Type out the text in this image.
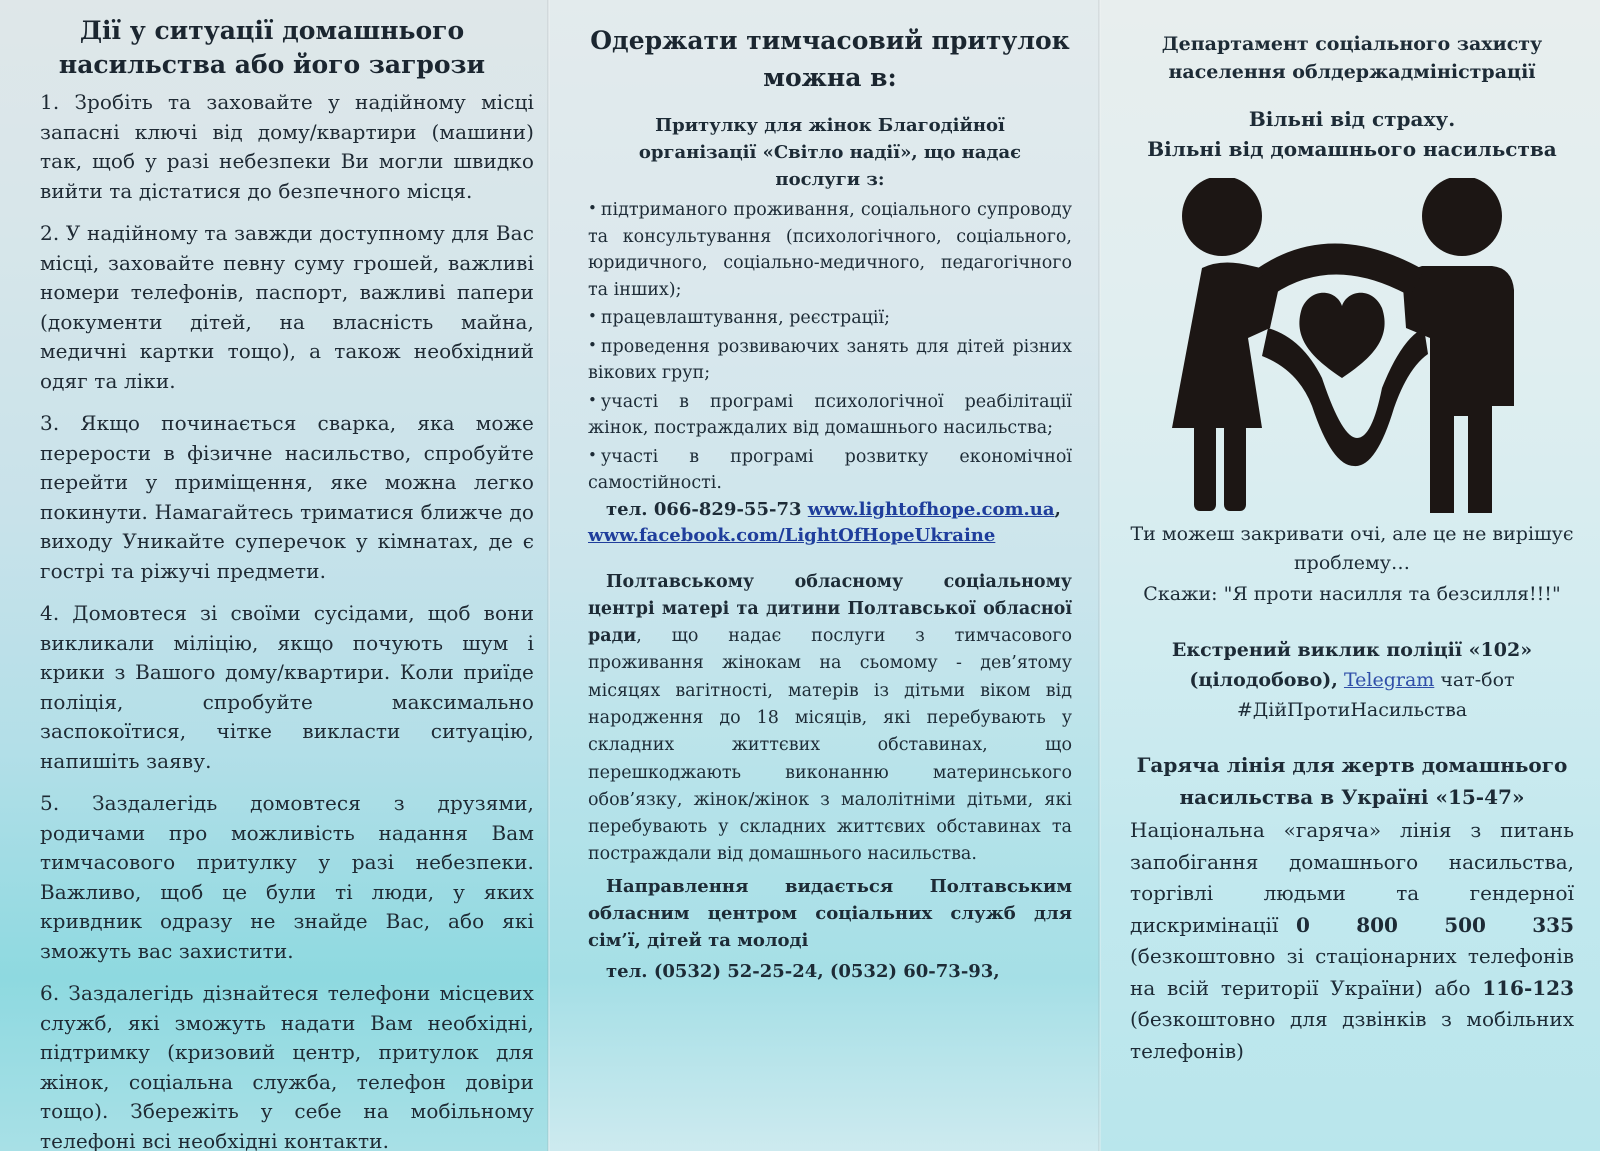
Дії у ситуації домашнього насильства або його загрози

1. Зробіть та заховайте у надійному місці запасні ключі від дому/квартири (машини) так, щоб у разі небезпеки Ви могли швидко вийти та дістатися до безпечного місця.

2. У надійному та завжди доступному для Вас місці, заховайте певну суму грошей, важливі номери телефонів, паспорт, важливі папери (документи дітей, на власність майна, медичні картки тощо), а також необхідний одяг та ліки.

3. Якщо починається сварка, яка може перерости в фізичне насильство, спробуйте перейти у приміщення, яке можна легко покинути. Намагайтесь триматися ближче до виходу Уникайте суперечок у кімнатах, де є гострі та ріжучі предмети.

4. Домовтеся зі своїми сусідами, щоб вони викликали міліцію, якщо почують шум і крики з Вашого дому/квартири. Коли приїде поліція, спробуйте максимально заспокоїтися, чітке викласти ситуацію, напишіть заяву.

5. Заздалегідь домовтеся з друзями, родичами про можливість надання Вам тимчасового притулку у разі небезпеки. Важливо, щоб це були ті люди, у яких кривдник одразу не знайде Вас, або які зможуть вас захистити.

6. Заздалегідь дізнайтеся телефони місцевих служб, які зможуть надати Вам необхідні, підтримку (кризовий центр, притулок для жінок, соціальна служба, телефон довіри тощо). Збережіть у себе на мобільному телефоні всі необхідні контакти.

Одержати тимчасовий притулок можна в:

Притулку для жінок Благодійної організації «Світло надії», що надає послуги з:

• підтриманого проживання, соціального супроводу та консультування (психологічного, соціального, юридичного, соціально-медичного, педагогічного та інших);
• працевлаштування, реєстрації;
• проведення розвиваючих занять для дітей різних вікових груп;
• участі в програмі психологічної реабілітації жінок, постраждалих від домашнього насильства;
• участі в програмі розвитку економічної самостійності.

тел. 066-829-55-73 www.lightofhope.com.ua,

www.facebook.com/LightOfHopeUkraine

Полтавському обласному соціальному центрі матері та дитини Полтавської обласної ради, що надає послуги з тимчасового проживання жінокам на сьомому - дев’ятому місяцях вагітності, матерів із дітьми віком від народження до 18 місяців, які перебувають у складних життєвих обставинах, що перешкоджають виконанню материнського обов’язку, жінок/жінок з малолітніми дітьми, які перебувають у складних життєвих обставинах та постраждали від домашнього насильства.

Направлення видається Полтавським обласним центром соціальних служб для сім’ї, дітей та молоді

тел. (0532) 52-25-24, (0532) 60-73-93,

Департамент соціального захисту населення облдержадміністрації

Вільні від страху.
Вільні від домашнього насильства

Ти можеш закривати очі, але це не вирішує проблему…

Скажи: "Я проти насилля та безсилля!!!"

Екстрений виклик поліції «102»
(цілодобово), Telegram чат-бот
#ДійПротиНасильства

Гаряча лінія для жертв домашнього насильства в Україні «15-47»

Національна «гаряча» лінія з питань запобігання домашнього насильства, торгівлі людьми та гендерної дискримінації 0 800 500 335 (безкоштовно зі стаціонарних телефонів на всій території України) або 116-123 (безкоштовно для дзвінків з мобільних телефонів)
